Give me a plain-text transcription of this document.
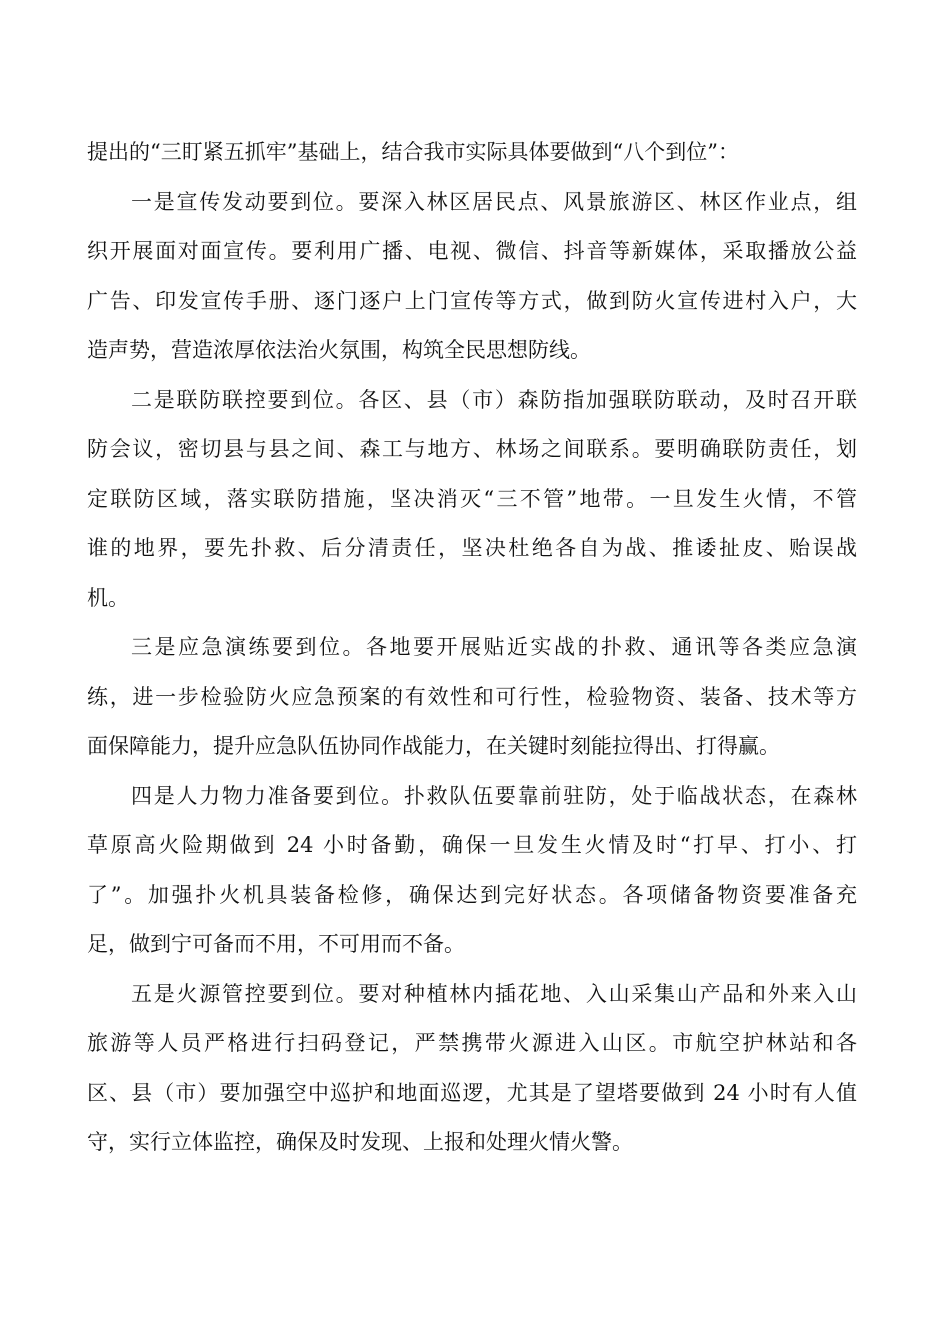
提出的“三盯紧五抓牢”基础上，结合我市实际具体要做到“八个到位”：
一是宣传发动要到位。要深入林区居民点、风景旅游区、林区作业点，组
织开展面对面宣传。要利用广播、电视、微信、抖音等新媒体，采取播放公益
广告、印发宣传手册、逐门逐户上门宣传等方式，做到防火宣传进村入户，大
造声势，营造浓厚依法治火氛围，构筑全民思想防线。
二是联防联控要到位。各区、县（市）森防指加强联防联动，及时召开联
防会议，密切县与县之间、森工与地方、林场之间联系。要明确联防责任，划
定联防区域，落实联防措施，坚决消灭“三不管”地带。一旦发生火情，不管
谁的地界，要先扑救、后分清责任，坚决杜绝各自为战、推诿扯皮、贻误战
机。
三是应急演练要到位。各地要开展贴近实战的扑救、通讯等各类应急演
练，进一步检验防火应急预案的有效性和可行性，检验物资、装备、技术等方
面保障能力，提升应急队伍协同作战能力，在关键时刻能拉得出、打得赢。
四是人力物力准备要到位。扑救队伍要靠前驻防，处于临战状态，在森林
草原高火险期做到 24 小时备勤，确保一旦发生火情及时“打早、打小、打
了”。加强扑火机具装备检修，确保达到完好状态。各项储备物资要准备充
足，做到宁可备而不用，不可用而不备。
五是火源管控要到位。要对种植林内插花地、入山采集山产品和外来入山
旅游等人员严格进行扫码登记，严禁携带火源进入山区。市航空护林站和各
区、县（市）要加强空中巡护和地面巡逻，尤其是了望塔要做到 24 小时有人值
守，实行立体监控，确保及时发现、上报和处理火情火警。
